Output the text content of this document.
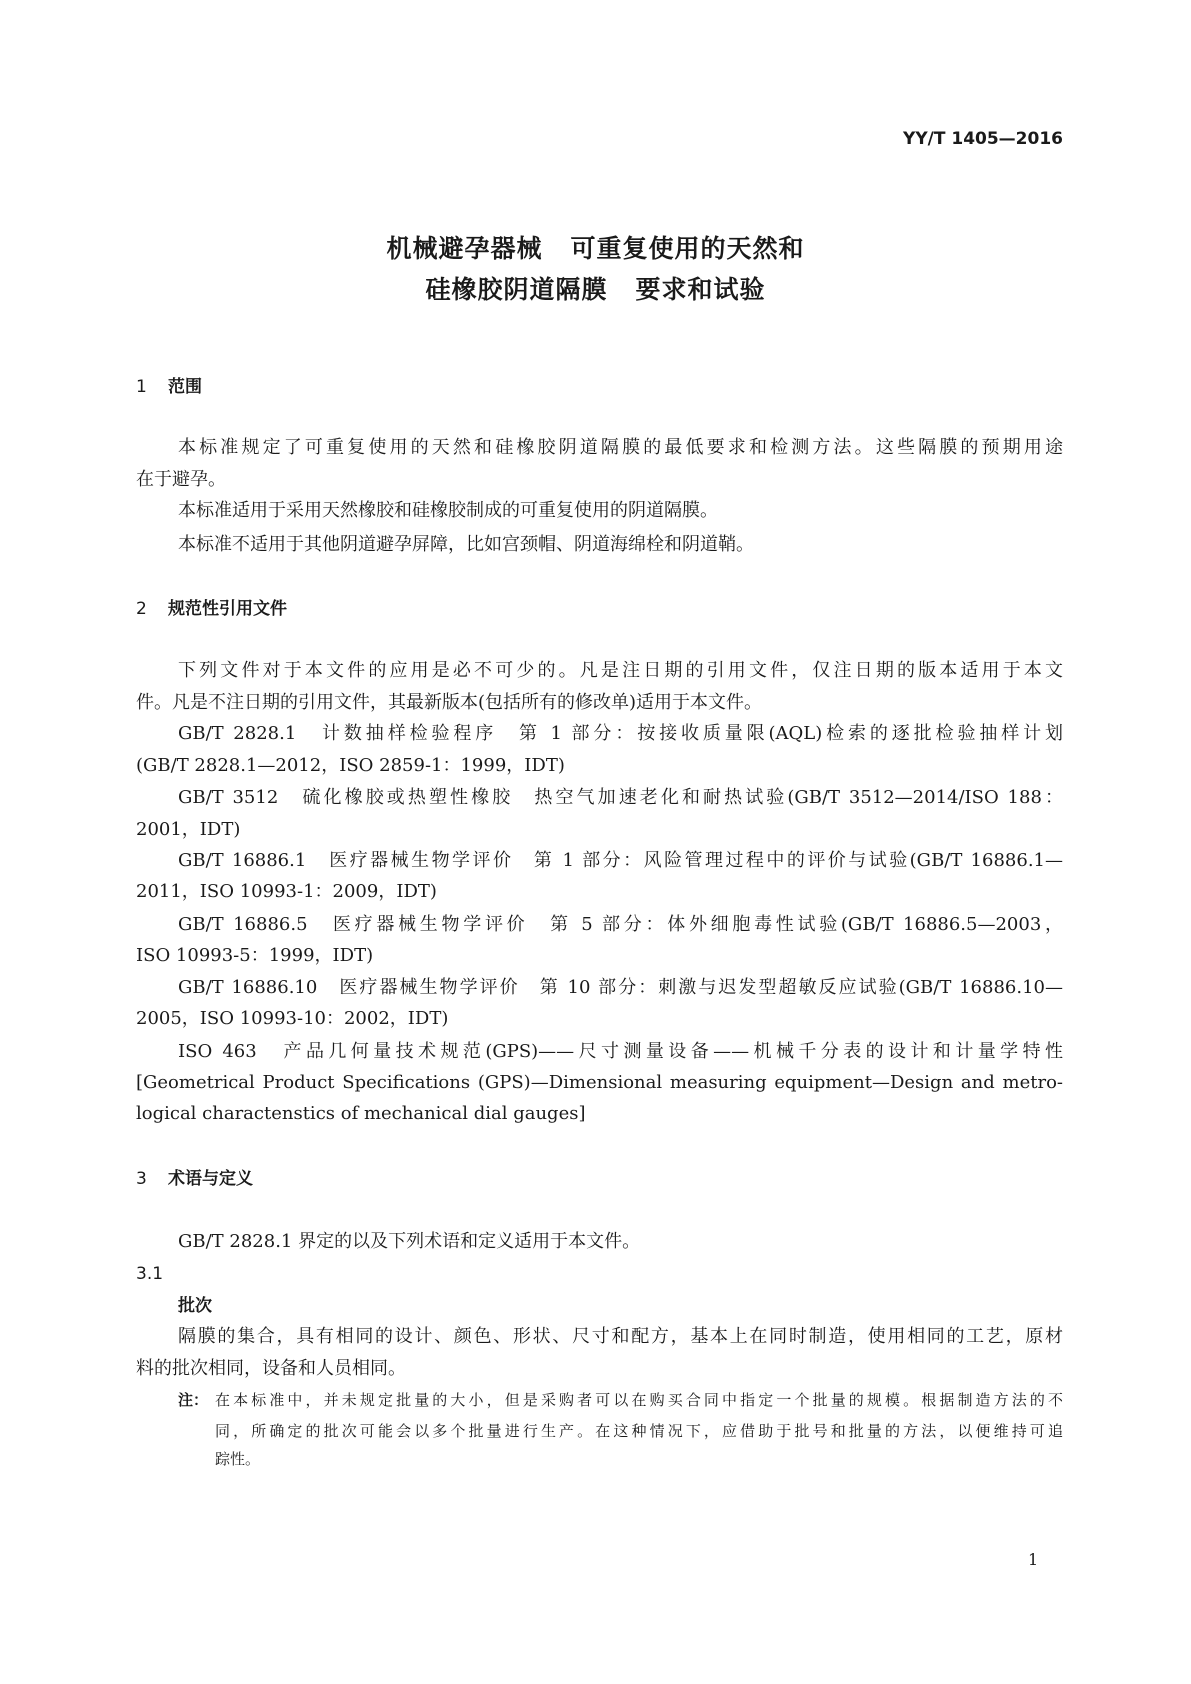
YY/T 1405—2016
机械避孕器械 可重复使用的天然和
硅橡胶阴道隔膜 要求和试验
1 范围
本标准规定了可重复使用的天然和硅橡胶阴道隔膜的最低要求和检测方法。这些隔膜的预期用途
在于避孕。
本标准适用于采用天然橡胶和硅橡胶制成的可重复使用的阴道隔膜。
本标准不适用于其他阴道避孕屏障，比如宫颈帽、阴道海绵栓和阴道鞘。
2 规范性引用文件
下列文件对于本文件的应用是必不可少的。凡是注日期的引用文件，仅注日期的版本适用于本文
件。凡是不注日期的引用文件，其最新版本(包括所有的修改单)适用于本文件。
GB/T 2828.1　计数抽样检验程序　第 1 部分：按接收质量限(AQL)检索的逐批检验抽样计划
(GB/T 2828.1—2012，ISO 2859-1：1999，IDT)
GB/T 3512　硫化橡胶或热塑性橡胶　热空气加速老化和耐热试验(GB/T 3512—2014/ISO 188：
2001，IDT)
GB/T 16886.1　医疗器械生物学评价　第 1 部分：风险管理过程中的评价与试验(GB/T 16886.1—
2011，ISO 10993-1：2009，IDT)
GB/T 16886.5　医疗器械生物学评价　第 5 部分：体外细胞毒性试验(GB/T 16886.5—2003，
ISO 10993-5：1999，IDT)
GB/T 16886.10　医疗器械生物学评价　第 10 部分：刺激与迟发型超敏反应试验(GB/T 16886.10—
2005，ISO 10993-10：2002，IDT)
ISO 463　产品几何量技术规范(GPS)——尺寸测量设备——机械千分表的设计和计量学特性
[Geometrical Product Specifications (GPS)—Dimensional measuring equipment—Design and metro-
logical charactenstics of mechanical dial gauges]
3 术语与定义
GB/T 2828.1 界定的以及下列术语和定义适用于本文件。
3.1
批次
隔膜的集合，具有相同的设计、颜色、形状、尺寸和配方，基本上在同时制造，使用相同的工艺，原材
料的批次相同，设备和人员相同。
注： 在本标准中，并未规定批量的大小，但是采购者可以在购买合同中指定一个批量的规模。根据制造方法的不
同，所确定的批次可能会以多个批量进行生产。在这种情况下，应借助于批号和批量的方法，以便维持可追
踪性。
1
